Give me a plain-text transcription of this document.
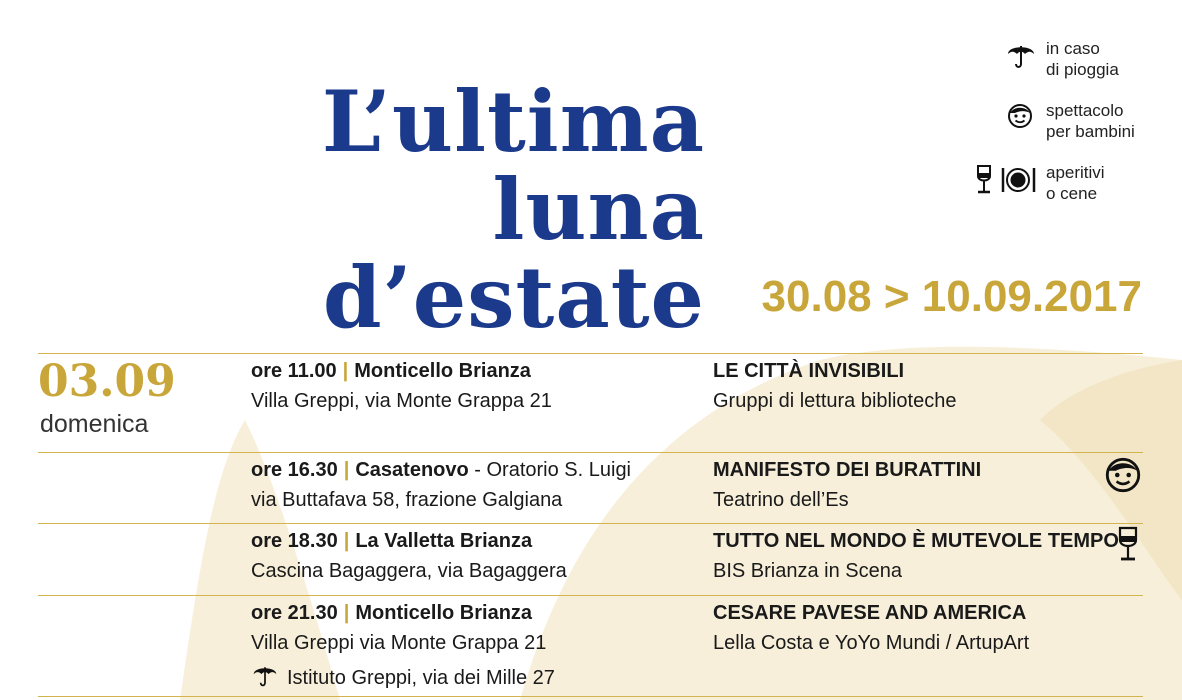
L’ultima
luna
d’estate 30.08 > 10.09.2017
in caso
di pioggia
spettacolo
per bambini
aperitivi
o cene
03.09
domenica
ore 11.00 | Monticello Brianza
Villa Greppi, via Monte Grappa 21
LE CITTÀ INVISIBILI
Gruppi di lettura biblioteche
ore 16.30 | Casatenovo - Oratorio S. Luigi
via Buttafava 58, frazione Galgiana
MANIFESTO DEI BURATTINI
Teatrino dell’Es
ore 18.30 | La Valletta Brianza
Cascina Bagaggera, via Bagaggera
TUTTO NEL MONDO È MUTEVOLE TEMPO
BIS Brianza in Scena
ore 21.30 | Monticello Brianza
Villa Greppi via Monte Grappa 21
Istituto Greppi, via dei Mille 27
CESARE PAVESE AND AMERICA
Lella Costa e YoYo Mundi / ArtupArt
